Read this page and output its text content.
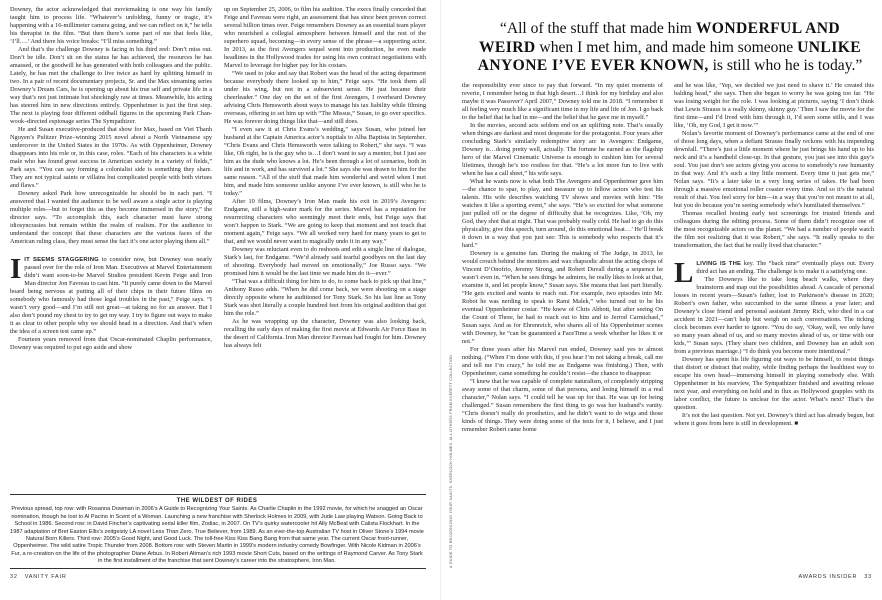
Downey, the actor acknowledged that moviemaking is one way his family taught him to process life. “Whatever’s unfolding, funny or tragic, it’s happening with a 16-millimeter camera going, and we can reflect on it,” he tells his therapist in the film. “But then there’s some part of me that feels like, ‘I’ll….’ And there his voice breaks: “I’ll miss something.”

And that’s the challenge Downey is facing in his third reel: Don’t miss out. Don’t be idle. Don’t sit on the status he has achieved, the resources he has amassed, or the goodwill he has generated with both colleagues and the public. Lately, he has met the challenge to live twice as hard by splitting himself in two. In a pair of recent documentary projects, Sr. and the Max streaming series Downey’s Dream Cars, he is opening up about his true self and private life in a way that’s not just intimate but shockingly raw at times. Meanwhile, his acting has steered him in new directions entirely. Oppenheimer is just the first step. The next is playing four different oddball figures in the upcoming Park Chan-wook–directed espionage series The Sympathizer.

He and Susan executive-produced that show for Max, based on Viet Thanh Nguyen’s Pulitzer Prize–winning 2015 novel about a North Vietnamese spy undercover in the United States in the 1970s. As with Oppenheimer, Downey disappears into his role or, in this case, roles. “Each of his characters is a white male who has found great success in American society in a variety of fields,” Park says. “You can say forming a colonialist side is something they share. They are not typical saints or villains but complicated people with both virtues and flaws.”

Downey asked Park how unrecognizable he should be in each part. “I answered that I wanted the audience to be well aware a single actor is playing multiple roles—but to forget this as they become immersed in the story,” the director says. “To accomplish this, each character must have strong idiosyncrasies but remain within the realm of realism. For the audience to understand the concept that these characters are the various faces of the American ruling class, they must sense the fact it’s one actor playing them all.”

IIT SEEMS STAGGERING to consider now, but Downey was nearly passed over for the role of Iron Man. Executives at Marvel Entertainment didn’t want soon-to-be Marvel Studios president Kevin Feige and Iron Man director Jon Favreau to cast him. “It purely came down to the Marvel board being nervous at putting all of their chips in their future films on somebody who famously had those legal troubles in the past,” Feige says. “I wasn’t very good—and I’m still not great—at taking no for an answer. But I also don’t pound my chest to try to get my way. I try to figure out ways to make it as clear to other people why we should head in a direction. And that’s when the idea of a screen test came up.”

Fourteen years removed from that Oscar-nominated Chaplin performance, Downey was required to put ego aside and show

up on September 25, 2006, to film his audition. The execs finally conceded that Feige and Favreau were right, an assessment that has since been proven correct several billion times over. Feige remembers Downey as an essential team player who nourished a collegial atmosphere between himself and the rest of the superhero squad, becoming—in every sense of the phrase—a supporting actor. In 2013, as the first Avengers sequel went into production, he even made headlines in the Hollywood trades for using his own contract negotiations with Marvel to leverage for higher pay for his costars.

“We used to joke and say that Robert was the head of the acting department because everybody there looked up to him,” Feige says. “He took them all under his wing, but not in a subservient sense. He just became their cheerleader.” One day on the set of the first Avengers, I overheard Downey advising Chris Hemsworth about ways to manage his tax liability while filming overseas, offering to set him up with “The Missus,” Susan, to go over specifics. He was forever doing things like that—and still does.

“I even saw it at Chris Evans’s wedding,” says Susan, who joined her husband at the Captain America actor’s nuptials to Alba Baptista in September. “Chris Evans and Chris Hemsworth were talking to Robert,” she says. “I was like, Oh right, he is the guy who is…I don’t want to say a mentor, but I just see him as the dude who knows a lot. He’s been through a lot of scenarios, both in life and in work, and has survived a lot.” She says she was drawn to him for the same reason. “All of the stuff that made him wonderful and weird when I met him, and made him someone unlike anyone I’ve ever known, is still who he is today.”

After 10 films, Downey’s Iron Man made his exit in 2019’s Avengers: Endgame, still a high-water mark for the series. Marvel has a reputation for resurrecting characters who seemingly meet their ends, but Feige says that won’t happen to Stark. “We are going to keep that moment and not touch that moment again,” Feige says. “We all worked very hard for many years to get to that, and we would never want to magically undo it in any way.”

Downey was reluctant even to do reshoots and edit a single line of dialogue, Stark’s last, for Endgame. “We’d already said tearful goodbyes on the last day of shooting. Everybody had moved on emotionally,” Joe Russo says. “We promised him it would be the last time we made him do it—ever.”

“That was a difficult thing for him to do, to come back to pick up that line,” Anthony Russo adds. “When he did come back, we were shooting on a stage directly opposite where he auditioned for Tony Stark. So his last line as Tony Stark was shot literally a couple hundred feet from his original audition that got him the role.”

As he was wrapping up the character, Downey was also looking back, recalling the early days of making the first movie at Edwards Air Force Base in the desert of California. Iron Man director Favreau had fought for him. Downey has always felt

THE WILDEST OF RIDES
Previous spread, top row: with Rosanna Dowman in 2006’s A Guide to Recognizing Your Saints. As Charlie Chaplin in the 1992 movie, for which he snagged an Oscar nomination, though he lost to Al Pacino in Scent of a Woman. Launching a new franchise with Sherlock Holmes in 2009, with Jude Law playing Watson. Going Back to School in 1986. Second row: in David Fincher’s captivating serial killer film, Zodiac, in 2007. On TV’s quirky watercooler hit Ally McBeal with Calista Flockhart. In the 1987 adaptation of Bret Easton Ellis’s zeitgeisty LA novel Less Than Zero. True Believer, from 1989. As an ever-the-top Australian TV host in Oliver Stone’s 1994 movie Natural Born Killers. Third row: 2005’s Good Night, and Good Luck. The toll-free Kiss Kiss Bang Bang from that same year. The current Oscar front-runner, Oppenheimer. The wild satire Tropic Thunder from 2008. Bottom row: with Steven Martin in 1999’s modern industry comedy Bowfinger. With Nicole Kidman in 2006’s Fur, a re-creation on the life of the photographer Diane Arbus. In Robert Altman’s rich 1993 movie Short Cuts, based on the writings of Raymond Carver. As Tony Stark in the first installment of the franchise that sent Downey’s career into the stratosphere, Iron Man.
32 VANITY FAIR
“All of the stuff that made him WONDERFUL AND WEIRD when I met him, and made him someone UNLIKE ANYONE I’VE EVER KNOWN, is still who he is today.”
A GUIDE TO RECOGNIZING YOUR SAINTS, SHERLOCK HOLMES, ALL OTHERS FROM EVERETT COLLECTION

the responsibility ever since to pay that forward. “In my quiet moments of reverie, I remember being in that high desert…I think for my birthday and also maybe it was Passover? April 2007,” Downey told me in 2018. “I remember it all feeling very much like a significant time in my life and life of Jon. I go back to the belief that he had in me—and the belief that he gave me in myself.”

In the movies, second acts seldom end on an uplifting note. That’s usually when things are darkest and most desperate for the protagonist. Four years after concluding Stark’s similarly redemptive story arc in Avengers: Endgame, Downey is…doing pretty well, actually. The fortune he earned as the flagship hero of the Marvel Cinematic Universe is enough to cushion him for several lifetimes, though he’s too restless for that. “He’s a lot more fun to live with when he has a call sheet,” his wife says.

What he wants now is what both The Avengers and Oppenheimer gave him—the chance to spar, to play, and measure up to fellow actors who test his talents. His wife describes watching TV shows and movies with him: “He watches it like a sporting event,” she says. “He’s so excited for what someone just pulled off or the degree of difficulty that he recognizes. Like, ‘Oh, my God, they shot that at night. That was probably really cold. He had to go do this physicality, give this speech, turn around, do this emotional beat…’ He’ll break it down in a way that you just see: This is somebody who respects that it’s hard.”

Downey is a genuine fan. During the making of The Judge, in 2013, he would crouch behind the monitors and wax rhapsodic about the acting chops of Vincent D’Onofrio, Jeremy Strong, and Robert Duvall during a sequence he wasn’t even in. “When he sees things he admires, he really likes to look at that, examine it, and let people know,” Susan says. She means that last part literally. “He gets excited and wants to reach out. For example, two episodes into Mr. Robot he was nerding to speak to Rami Malek,” who turned out to be his eventual Oppenheimer costar. “He knew of Chris Abbott, but after seeing On the Count of Three, he had to reach out to him and to Jerrod Carmichael,” Susan says. And as for Ehrenreich, who shares all of his Oppenheimer scenes with Downey, he “can be guaranteed a FaceTime a week whether he likes it or not.”

For three years after his Marvel run ended, Downey said yes to almost nothing. (“When I’m done with this, if you hear I’m not taking a break, call me and tell me I’m crazy,” he told me as Endgame was finishing.) Then, with Oppenheimer, came something he couldn’t resist—the chance to disappear.

“I knew that he was capable of complete naturalism, of completely stripping away some of that charm, some of that persona, and losing himself in a real character,” Nolan says. “I could tell he was up for that. He was up for being challenged.” Susan remembers the first thing to go was her husband’s vanity. “Chris doesn’t really do prosthetics, and he didn’t want to do wigs and those kinds of things. They were doing some of the tests for it, I believe, and I just remember Robert came home

and he was like, ‘Yep, we decided we just need to shave it.’ He created this balding head,” she says. Then she began to worry he was going too far. “He was losing weight for the role. I was looking at pictures, saying ‘I don’t think that Lewis Strauss is a really skinny, skinny guy.’ Then I saw the movie for the first time—and I’d lived with him through it, I’d seen some stills, and I was like, ‘Oh, my God, I get it now.’”

Nolan’s favorite moment of Downey’s performance came at the end of one of those long days, when a defiant Strauss finally reckons with his impending downfall. “There’s just a little moment where he just brings his hand up to his neck and it’s a handheld close-up. In that gesture, you just see into this guy’s soul. You just don’t see actors giving you access to somebody’s raw humanity in that way. And it’s such a tiny little moment. Every time it just gets me,” Nolan says. “It’s a later take in a very long series of takes. He had been through a massive emotional roller coaster every time. And so it’s the natural result of that. You feel sorry for him—in a way that you’re not meant to at all, but you do because you’re seeing somebody who’s humiliated themselves.”

Thomas recalled hosting early test screenings for trusted friends and colleagues during the editing process. Some of them didn’t recognize one of the most recognizable actors on the planet. “We had a number of people watch the film not realizing that it was Robert,” she says. “It really speaks to the transformation, the fact that he really lived that character.”

LLIVING IS THE key. The “back nine” eventually plays out. Every third act has an ending. The challenge is to make it a satisfying one.

The Downeys like to take long beach walks, where they brainstorm and map out the possibilities ahead. A cascade of personal losses in recent years—Susan’s father, lost to Parkinson’s disease in 2020; Robert’s own father, who succumbed to the same illness a year later; and Downey’s close friend and personal assistant Jimmy Rich, who died in a car accident in 2021—can’t help but weigh on such conversations. The ticking clock becomes ever harder to ignore. “You do say, ‘Okay, well, we only have so many years ahead of us, and so many movies ahead of us, or time with our kids,’” Susan says. (They share two children, and Downey has an adult son from a previous marriage.) “I do think you become more intentional.”

Downey has spent his life figuring out ways to be himself, to resist things that distort or distract that reality, while finding perhaps the healthiest way to escape his own head—immersing himself in playing somebody else. With Oppenheimer in his rearview, The Sympathizer finished and awaiting release next year, and everything on hold and in flux as Hollywood grapples with its labor conflict, the future is unclear for the actor. What’s next? That’s the question.

It’s not the last question. Not yet. Downey’s third act has already begun, but where it goes from here is still in development. ■

AWARDS INSIDER 33
